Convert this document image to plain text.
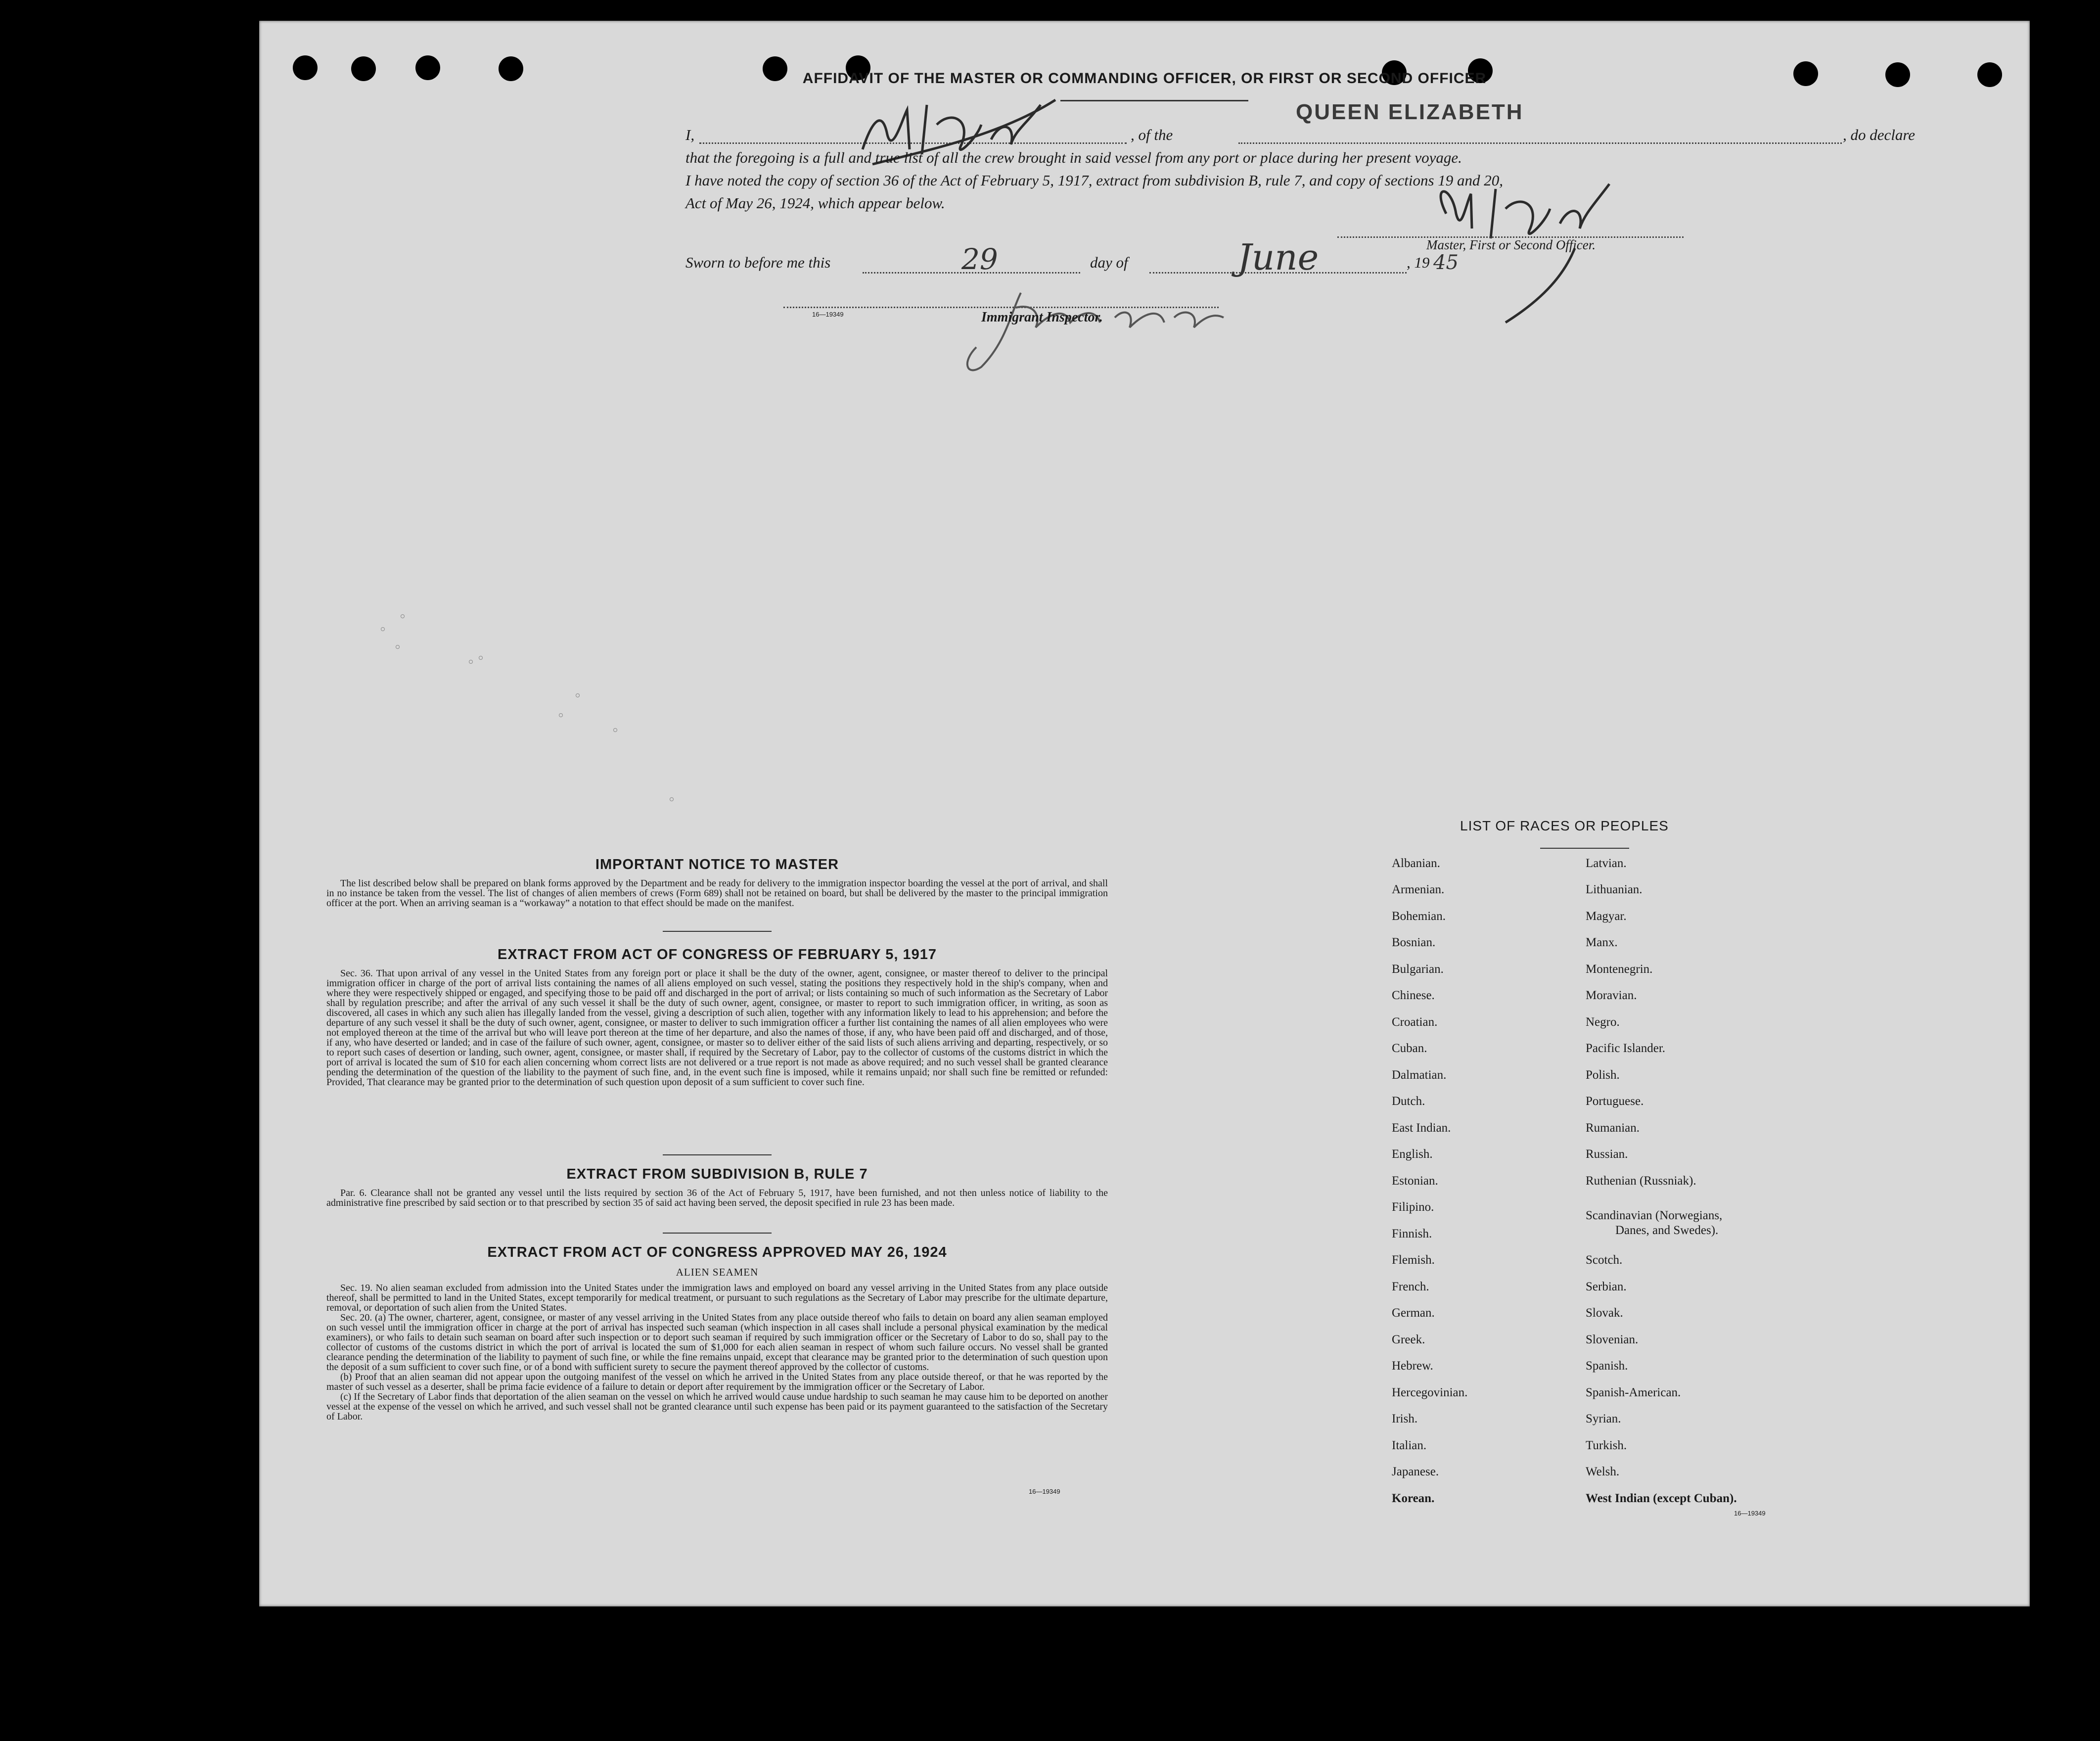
AFFIDAVIT OF THE MASTER OR COMMANDING OFFICER, OR FIRST OR SECOND OFFICER
I,	, of the
QUEEN ELIZABETH
, do declare
that the foregoing is a full and true list of all the crew brought in said vessel from any port or place during her present voyage.
I have noted the copy of section 36 of the Act of February 5, 1917, extract from subdivision B, rule 7, and copy of sections 19 and 20,
Act of May 26, 1924, which appear below.
Master, First or Second Officer.
Sworn to before me this	29	day of	June	, 19 45
Immigrant Inspector.
16—19349
IMPORTANT NOTICE TO MASTER

The list described below shall be prepared on blank forms approved by the Department and be ready for delivery to the immigration inspector boarding the vessel at the port of arrival, and shall in no instance be taken from the vessel. The list of changes of alien members of crews (Form 689) shall not be retained on board, but shall be delivered by the master to the principal immigration officer at the port. When an arriving seaman is a “workaway” a notation to that effect should be made on the manifest.

EXTRACT FROM ACT OF CONGRESS OF FEBRUARY 5, 1917

Sec. 36. That upon arrival of any vessel in the United States from any foreign port or place it shall be the duty of the owner, agent, consignee, or master thereof to deliver to the principal immigration officer in charge of the port of arrival lists containing the names of all aliens employed on such vessel, stating the positions they respectively hold in the ship's company, when and where they were respectively shipped or engaged, and specifying those to be paid off and discharged in the port of arrival; or lists containing so much of such information as the Secretary of Labor shall by regulation prescribe; and after the arrival of any such vessel it shall be the duty of such owner, agent, consignee, or master to report to such immigration officer, in writing, as soon as discovered, all cases in which any such alien has illegally landed from the vessel, giving a description of such alien, together with any information likely to lead to his apprehension; and before the departure of any such vessel it shall be the duty of such owner, agent, consignee, or master to deliver to such immigration officer a further list containing the names of all alien employees who were not employed thereon at the time of the arrival but who will leave port thereon at the time of her departure, and also the names of those, if any, who have been paid off and discharged, and of those, if any, who have deserted or landed; and in case of the failure of such owner, agent, consignee, or master so to deliver either of the said lists of such aliens arriving and departing, respectively, or so to report such cases of desertion or landing, such owner, agent, consignee, or master shall, if required by the Secretary of Labor, pay to the collector of customs of the customs district in which the port of arrival is located the sum of $10 for each alien concerning whom correct lists are not delivered or a true report is not made as above required; and no such vessel shall be granted clearance pending the determination of the question of the liability to the payment of such fine, and, in the event such fine is imposed, while it remains unpaid; nor shall such fine be remitted or refunded: Provided, That clearance may be granted prior to the determination of such question upon deposit of a sum sufficient to cover such fine.

EXTRACT FROM SUBDIVISION B, RULE 7

Par. 6. Clearance shall not be granted any vessel until the lists required by section 36 of the Act of February 5, 1917, have been furnished, and not then unless notice of liability to the administrative fine prescribed by said section or to that prescribed by section 35 of said act having been served, the deposit specified in rule 23 has been made.

EXTRACT FROM ACT OF CONGRESS APPROVED MAY 26, 1924
ALIEN SEAMEN

Sec. 19. No alien seaman excluded from admission into the United States under the immigration laws and employed on board any vessel arriving in the United States from any place outside thereof, shall be permitted to land in the United States, except temporarily for medical treatment, or pursuant to such regulations as the Secretary of Labor may prescribe for the ultimate departure, removal, or deportation of such alien from the United States.

Sec. 20. (a) The owner, charterer, agent, consignee, or master of any vessel arriving in the United States from any place outside thereof who fails to detain on board any alien seaman employed on such vessel until the immigration officer in charge at the port of arrival has inspected such seaman (which inspection in all cases shall include a personal physical examination by the medical examiners), or who fails to detain such seaman on board after such inspection or to deport such seaman if required by such immigration officer or the Secretary of Labor to do so, shall pay to the collector of customs of the customs district in which the port of arrival is located the sum of $1,000 for each alien seaman in respect of whom such failure occurs. No vessel shall be granted clearance pending the determination of the liability to payment of such fine, or while the fine remains unpaid, except that clearance may be granted prior to the determination of such question upon the deposit of a sum sufficient to cover such fine, or of a bond with sufficient surety to secure the payment thereof approved by the collector of customs.

(b) Proof that an alien seaman did not appear upon the outgoing manifest of the vessel on which he arrived in the United States from any place outside thereof, or that he was reported by the master of such vessel as a deserter, shall be prima facie evidence of a failure to detain or deport after requirement by the immigration officer or the Secretary of Labor.

(c) If the Secretary of Labor finds that deportation of the alien seaman on the vessel on which he arrived would cause undue hardship to such seaman he may cause him to be deported on another vessel at the expense of the vessel on which he arrived, and such vessel shall not be granted clearance until such expense has been paid or its payment guaranteed to the satisfaction of the Secretary of Labor.

16—19349
LIST OF RACES OR PEOPLES
Albanian.
Armenian.
Bohemian.
Bosnian.
Bulgarian.
Chinese.
Croatian.
Cuban.
Dalmatian.
Dutch.
East Indian.
English.
Estonian.
Filipino.
Finnish.
Flemish.
French.
German.
Greek.
Hebrew.
Hercegovinian.
Irish.
Italian.
Japanese.
Korean.
Latvian.
Lithuanian.
Magyar.
Manx.
Montenegrin.
Moravian.
Negro.
Pacific Islander.
Polish.
Portuguese.
Rumanian.
Russian.
Ruthenian (Russniak).
Scandinavian (Norwegians,
Danes, and Swedes).
Scotch.
Serbian.
Slovak.
Slovenian.
Spanish.
Spanish-American.
Syrian.
Turkish.
Welsh.
West Indian (except Cuban).
16—19349
